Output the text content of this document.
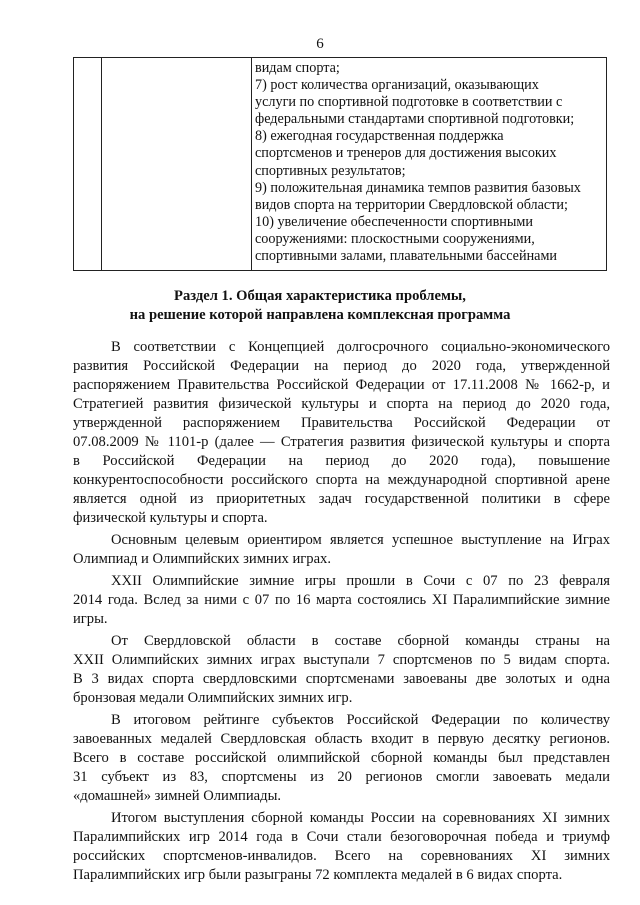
6

видам спорта;
7) рост количества организаций, оказывающих
услуги по спортивной подготовке в соответствии с
федеральными стандартами спортивной подготовки;
8) ежегодная государственная поддержка
спортсменов и тренеров для достижения высоких
спортивных результатов;
9) положительная динамика темпов развития базовых
видов спорта на территории Свердловской области;
10) увеличение обеспеченности спортивными
сооружениями: плоскостными сооружениями,
спортивными залами, плавательными бассейнами
Раздел 1. Общая характеристика проблемы,
на решение которой направлена комплексная программа
В соответствии с Концепцией долгосрочного социально-экономического
развития Российской Федерации на период до 2020 года, утвержденной
распоряжением Правительства Российской Федерации от 17.11.2008 № 1662-р, и
Стратегией развития физической культуры и спорта на период до 2020 года,
утвержденной распоряжением Правительства Российской Федерации от
07.08.2009 № 1101-р (далее — Стратегия развития физической культуры и спорта
в Российской Федерации на период до 2020 года), повышение
конкурентоспособности российского спорта на международной спортивной арене
является одной из приоритетных задач государственной политики в сфере
физической культуры и спорта.
Основным целевым ориентиром является успешное выступление на Играх
Олимпиад и Олимпийских зимних играх.
XXII Олимпийские зимние игры прошли в Сочи с 07 по 23 февраля
2014 года. Вслед за ними с 07 по 16 марта состоялись XI Паралимпийские зимние
игры.
От Свердловской области в составе сборной команды страны на
XXII Олимпийских зимних играх выступали 7 спортсменов по 5 видам спорта.
В 3 видах спорта свердловскими спортсменами завоеваны две золотых и одна
бронзовая медали Олимпийских зимних игр.
В итоговом рейтинге субъектов Российской Федерации по количеству
завоеванных медалей Свердловская область входит в первую десятку регионов.
Всего в составе российской олимпийской сборной команды был представлен
31 субъект из 83, спортсмены из 20 регионов смогли завоевать медали
«домашней» зимней Олимпиады.
Итогом выступления сборной команды России на соревнованиях XI зимних
Паралимпийских игр 2014 года в Сочи стали безоговорочная победа и триумф
российских спортсменов-инвалидов. Всего на соревнованиях XI зимних
Паралимпийских игр были разыграны 72 комплекта медалей в 6 видах спорта.
